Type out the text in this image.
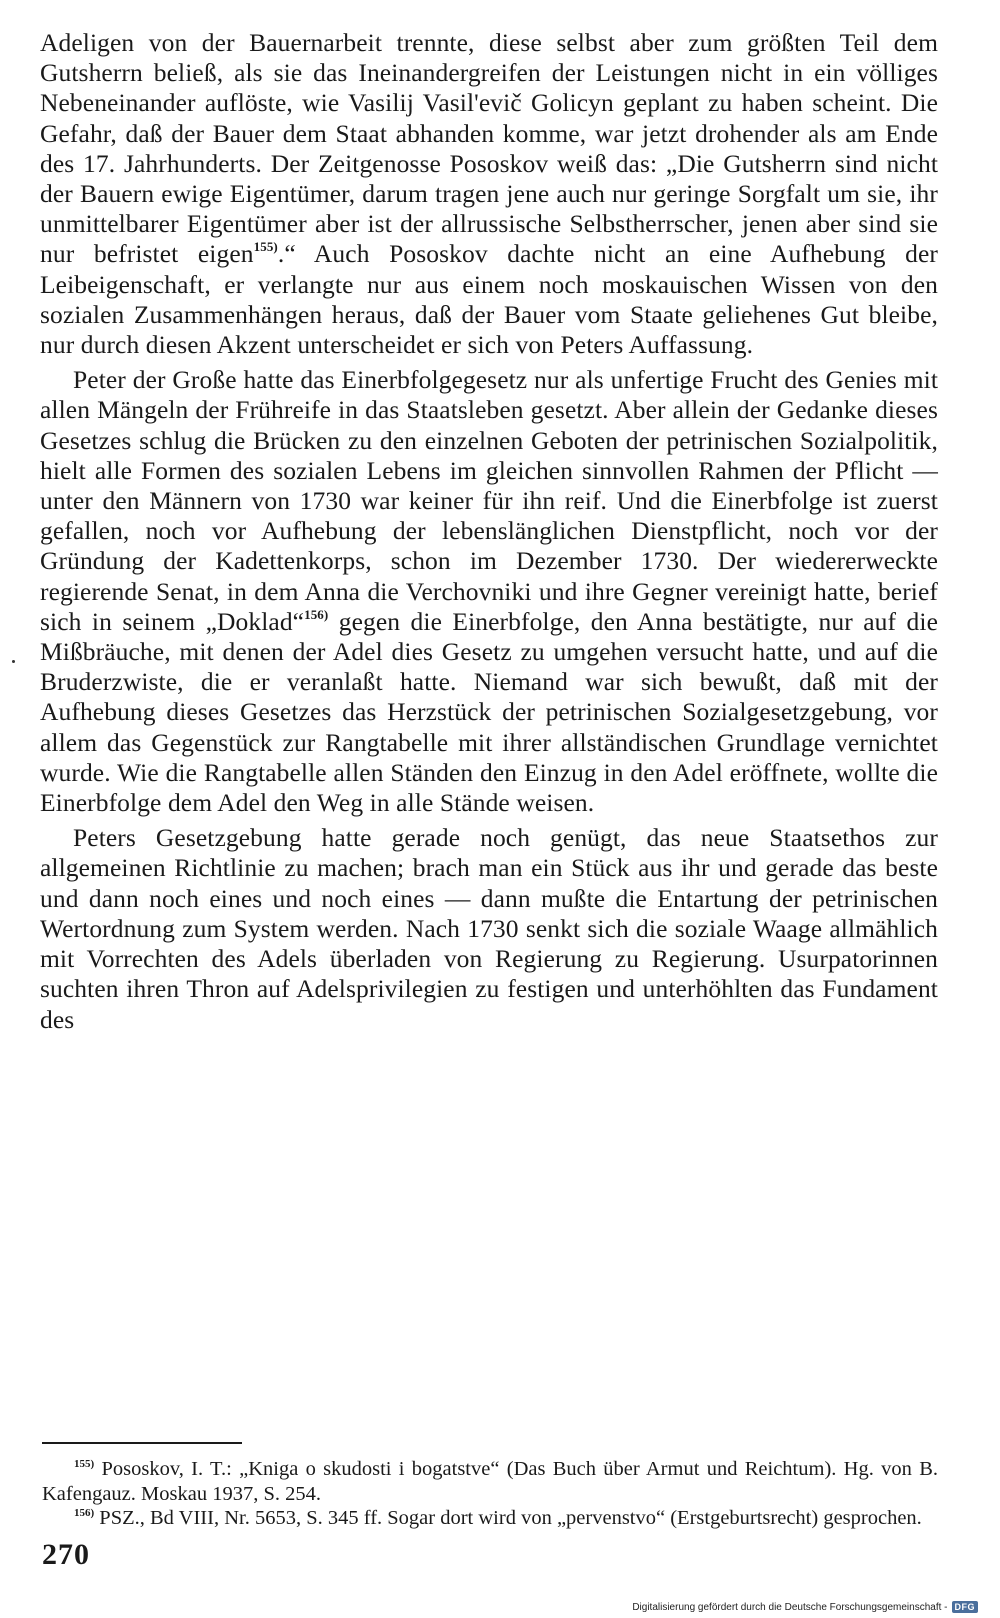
Adeligen von der Bauernarbeit trennte, diese selbst aber zum größten Teil dem Gutsherrn beließ, als sie das Ineinandergreifen der Leistungen nicht in ein völliges Nebeneinander auflöste, wie Vasilij Vasil'evič Golicyn geplant zu haben scheint. Die Gefahr, daß der Bauer dem Staat abhanden komme, war jetzt drohender als am Ende des 17. Jahrhunderts. Der Zeitgenosse Pososkov weiß das: „Die Gutsherrn sind nicht der Bauern ewige Eigentümer, darum tragen jene auch nur geringe Sorgfalt um sie, ihr unmittelbarer Eigentümer aber ist der allrussische Selbstherrscher, jenen aber sind sie nur befristet eigen$^{155)}$.“ Auch Pososkov dachte nicht an eine Aufhebung der Leibeigenschaft, er verlangte nur aus einem noch moskauischen Wissen von den sozialen Zusammenhängen heraus, daß der Bauer vom Staate geliehenes Gut bleibe, nur durch diesen Akzent unterscheidet er sich von Peters Auffassung.

Peter der Große hatte das Einerbfolgegesetz nur als unfertige Frucht des Genies mit allen Mängeln der Frühreife in das Staatsleben gesetzt. Aber allein der Gedanke dieses Gesetzes schlug die Brücken zu den einzelnen Geboten der petrinischen Sozialpolitik, hielt alle Formen des sozialen Lebens im gleichen sinnvollen Rahmen der Pflicht — unter den Männern von 1730 war keiner für ihn reif. Und die Einerbfolge ist zuerst gefallen, noch vor Aufhebung der lebenslänglichen Dienstpflicht, noch vor der Gründung der Kadettenkorps, schon im Dezember 1730. Der wiedererweckte regierende Senat, in dem Anna die Verchovniki und ihre Gegner vereinigt hatte, berief sich in seinem „Doklad“$^{156)}$ gegen die Einerbfolge, den Anna bestätigte, nur auf die Mißbräuche, mit denen der Adel dies Gesetz zu umgehen versucht hatte, und auf die Bruderzwiste, die er veranlaßt hatte. Niemand war sich bewußt, daß mit der Aufhebung dieses Gesetzes das Herzstück der petrinischen Sozialgesetzgebung, vor allem das Gegenstück zur Rangtabelle mit ihrer allständischen Grundlage vernichtet wurde. Wie die Rangtabelle allen Ständen den Einzug in den Adel eröffnete, wollte die Einerbfolge dem Adel den Weg in alle Stände weisen.

Peters Gesetzgebung hatte gerade noch genügt, das neue Staatsethos zur allgemeinen Richtlinie zu machen; brach man ein Stück aus ihr und gerade das beste und dann noch eines und noch eines — dann mußte die Entartung der petrinischen Wertordnung zum System werden. Nach 1730 senkt sich die soziale Waage allmählich mit Vorrechten des Adels überladen von Regierung zu Regierung. Usurpatorinnen suchten ihren Thron auf Adelsprivilegien zu festigen und unterhöhlten das Fundament des

$^{155)}$ Pososkov, I. T.: „Kniga o skudosti i bogatstve“ (Das Buch über Armut und Reichtum). Hg. von B. Kafengauz. Moskau 1937, S. 254.

$^{156)}$ PSZ., Bd VIII, Nr. 5653, S. 345 ff. Sogar dort wird von „pervenstvo“ (Erstgeburtsrecht) gesprochen.

270
Digitalisierung gefördert durch die Deutsche Forschungsgemeinschaft - DFG
